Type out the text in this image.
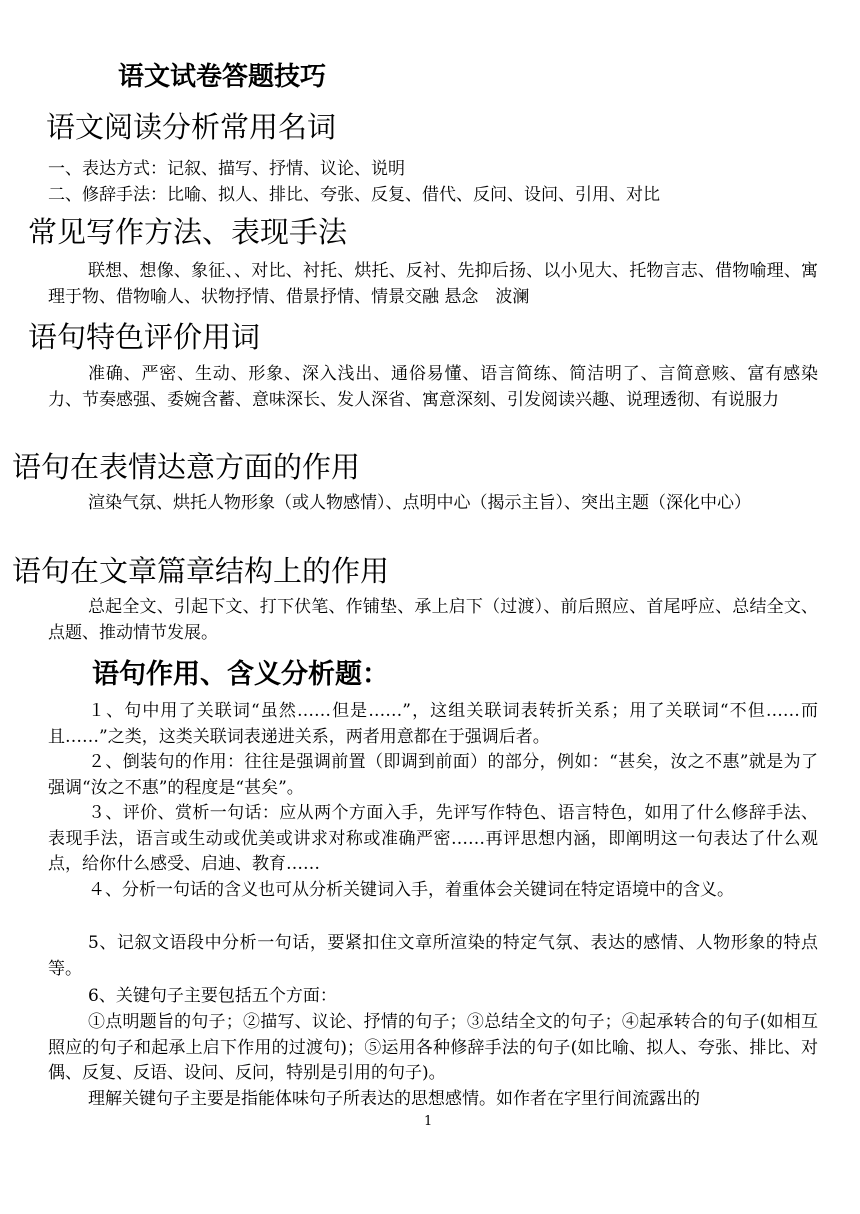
语文试卷答题技巧
语文阅读分析常用名词
一、表达方式：记叙、描写、抒情、议论、说明
二、修辞手法：比喻、拟人、排比、夸张、反复、借代、反问、设问、引用、对比
常见写作方法、表现手法
联想、想像、象征、、对比、衬托、烘托、反衬、先抑后扬、以小见大、托物言志、借物喻理、寓理于物、借物喻人、状物抒情、借景抒情、情景交融 悬念　波澜
语句特色评价用词
准确、严密、生动、形象、深入浅出、通俗易懂、语言简练、简洁明了、言简意赅、富有感染力、节奏感强、委婉含蓄、意味深长、发人深省、寓意深刻、引发阅读兴趣、说理透彻、有说服力
语句在表情达意方面的作用
渲染气氛、烘托人物形象（或人物感情）、点明中心（揭示主旨）、突出主题（深化中心）
语句在文章篇章结构上的作用
总起全文、引起下文、打下伏笔、作铺垫、承上启下（过渡）、前后照应、首尾呼应、总结全文、点题、推动情节发展。
语句作用、含义分析题：
１、句中用了关联词“虽然……但是……”，这组关联词表转折关系；用了关联词“不但……而且……”之类，这类关联词表递进关系，两者用意都在于强调后者。
２、倒装句的作用：往往是强调前置（即调到前面）的部分，例如：“甚矣，汝之不惠”就是为了强调“汝之不惠”的程度是“甚矣”。
３、评价、赏析一句话：应从两个方面入手，先评写作特色、语言特色，如用了什么修辞手法、表现手法，语言或生动或优美或讲求对称或准确严密……再评思想内涵，即阐明这一句表达了什么观点，给你什么感受、启迪、教育……
４、分析一句话的含义也可从分析关键词入手，着重体会关键词在特定语境中的含义。
5、记叙文语段中分析一句话，要紧扣住文章所渲染的特定气氛、表达的感情、人物形象的特点等。
6、关键句子主要包括五个方面：
①点明题旨的句子；②描写、议论、抒情的句子；③总结全文的句子；④起承转合的句子(如相互照应的句子和起承上启下作用的过渡句)；⑤运用各种修辞手法的句子(如比喻、拟人、夸张、排比、对偶、反复、反语、设问、反问，特别是引用的句子)。
理解关键句子主要是指能体味句子所表达的思想感情。如作者在字里行间流露出的
1
